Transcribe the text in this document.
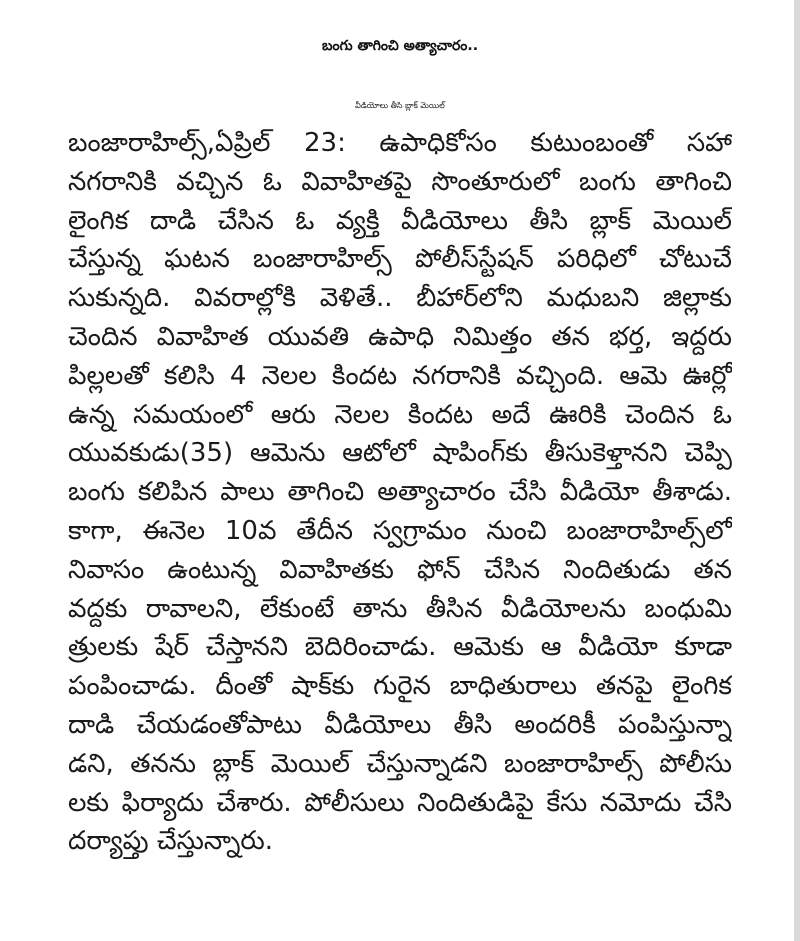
బంగు తాగించి అత్యాచారం..
వీడియోలు తీసి బ్లాక్ మెయిల్
బంజారాహిల్స్,ఏప్రిల్ 23: ఉపాధికోసం కుటుంబంతో సహా
నగరానికి వచ్చిన ఓ వివాహితపై సొంతూరులో బంగు తాగించి
లైంగిక దాడి చేసిన ఓ వ్యక్తి వీడియోలు తీసి బ్లాక్ మెయిల్
చేస్తున్న ఘటన బంజారాహిల్స్ పోలీస్‌స్టేషన్ పరిధిలో చోటుచే
సుకున్నది. వివరాల్లోకి వెళితే.. బీహార్‌లోని మధుబని జిల్లాకు
చెందిన వివాహిత యువతి ఉపాధి నిమిత్తం తన భర్త, ఇద్దరు
పిల్లలతో కలిసి 4 నెలల కిందట నగరానికి వచ్చింది. ఆమె ఊర్లో
ఉన్న సమయంలో ఆరు నెలల కిందట అదే ఊరికి చెందిన ఓ
యువకుడు(35) ఆమెను ఆటోలో షాపింగ్‌కు తీసుకెళ్తానని చెప్పి
బంగు కలిపిన పాలు తాగించి అత్యాచారం చేసి వీడియో తీశాడు.
కాగా, ఈనెల 10వ తేదీన స్వగ్రామం నుంచి బంజారాహిల్స్‌లో
నివాసం ఉంటున్న వివాహితకు ఫోన్ చేసిన నిందితుడు తన
వద్దకు రావాలని, లేకుంటే తాను తీసిన వీడియోలను బంధుమి
త్రులకు షేర్ చేస్తానని బెదిరించాడు. ఆమెకు ఆ వీడియో కూడా
పంపించాడు. దీంతో షాక్‌కు గురైన బాధితురాలు తనపై లైంగిక
దాడి చేయడంతోపాటు వీడియోలు తీసి అందరికీ పంపిస్తున్నా
డని, తనను బ్లాక్ మెయిల్ చేస్తున్నాడని బంజారాహిల్స్ పోలీసు
లకు ఫిర్యాదు చేశారు. పోలీసులు నిందితుడిపై కేసు నమోదు చేసి
దర్యాప్తు చేస్తున్నారు.
